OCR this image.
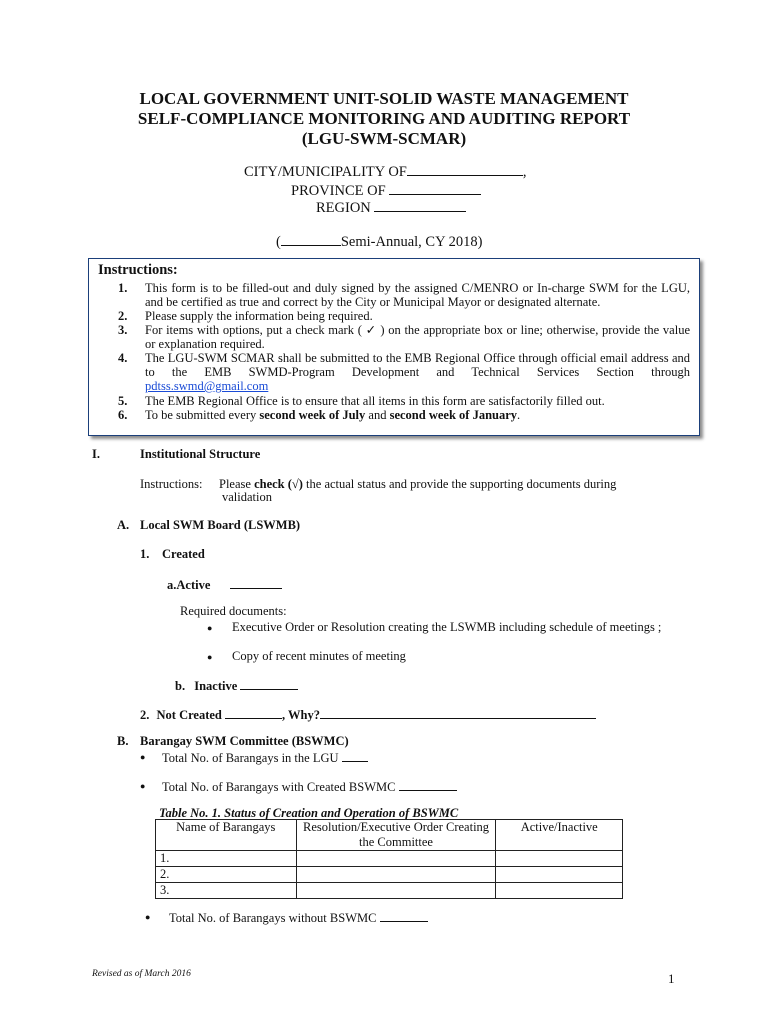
LOCAL GOVERNMENT UNIT-SOLID WASTE MANAGEMENT
SELF-COMPLIANCE MONITORING AND AUDITING REPORT
(LGU-SWM-SCMAR)
CITY/MUNICIPALITY OF	,
PROVINCE OF
REGION
(	Semi-Annual, CY 2018)
Instructions:
1.	This form is to be filled-out and duly signed by the assigned C/MENRO or In-charge SWM for the LGU, and be certified as true and correct by the City or Municipal Mayor or designated alternate.
2.	Please supply the information being required.
3.	For items with options, put a check mark ( ✓ ) on the appropriate box or line; otherwise, provide the value or explanation required.
4.	The LGU-SWM SCMAR shall be submitted to the EMB Regional Office through official email address and to the EMB SWMD-Program Development and Technical Services Section through pdtss.swmd@gmail.com
5.	The EMB Regional Office is to ensure that all items in this form are satisfactorily filled out.
6.	To be submitted every second week of July and second week of January.
I.	Institutional Structure
Instructions: Please check (√) the actual status and provide the supporting documents during
validation
A. Local SWM Board (LSWMB)
1. Created
a.Active
Required documents:
● Executive Order or Resolution creating the LSWMB including schedule of meetings ;
● Copy of recent minutes of meeting
b. Inactive
2. Not Created	, Why?
B. Barangay SWM Committee (BSWMC)
● Total No. of Barangays in the LGU
● Total No. of Barangays with Created BSWMC
Table No. 1. Status of Creation and Operation of BSWMC
Name of Barangays	Resolution/Executive Order Creating the Committee	Active/Inactive
1.		
2.		
3.		
● Total No. of Barangays without BSWMC
Revised as of March 2016	1
